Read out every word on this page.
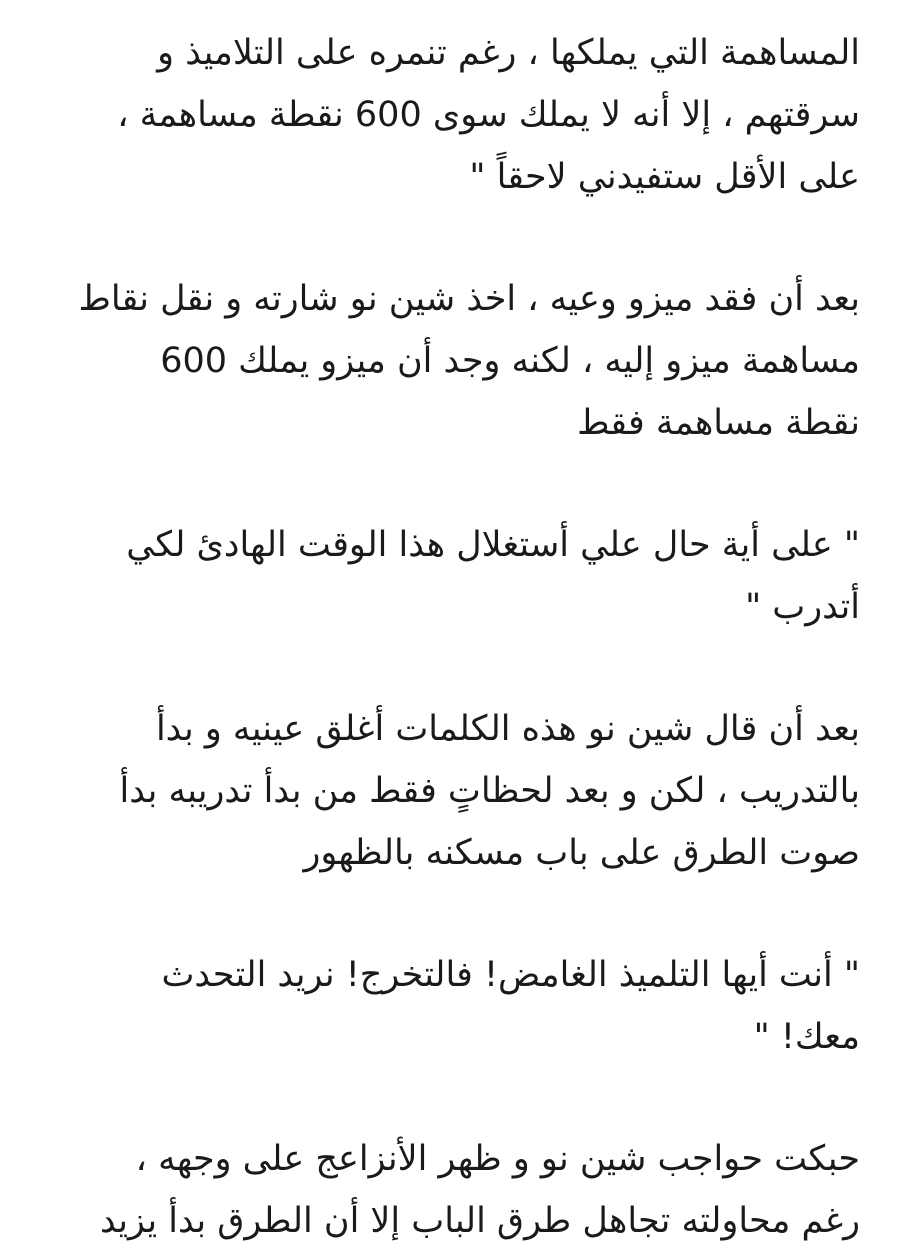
المساهمة التي يملكها ، رغم تنمره على التلاميذ و
سرقتهم ، إلا أنه لا يملك سوى 600 نقطة مساهمة ،
على الأقل ستفيدني لاحقاً "
بعد أن فقد ميزو وعيه ، اخذ شين نو شارته و نقل نقاط
مساهمة ميزو إليه ، لكنه وجد أن ميزو يملك 600
نقطة مساهمة فقط
" على أية حال علي أستغلال هذا الوقت الهادئ لكي
أتدرب "
بعد أن قال شين نو هذه الكلمات أغلق عينيه و بدأ
بالتدريب ، لكن و بعد لحظاتٍ فقط من بدأ تدريبه بدأ
صوت الطرق على باب مسكنه بالظهور
" أنت أيها التلميذ الغامض! فالتخرج! نريد التحدث
معك! "
حبكت حواجب شين نو و ظهر الأنزاعج على وجهه ،
رغم محاولته تجاهل طرق الباب إلا أن الطرق بدأ يزيد
